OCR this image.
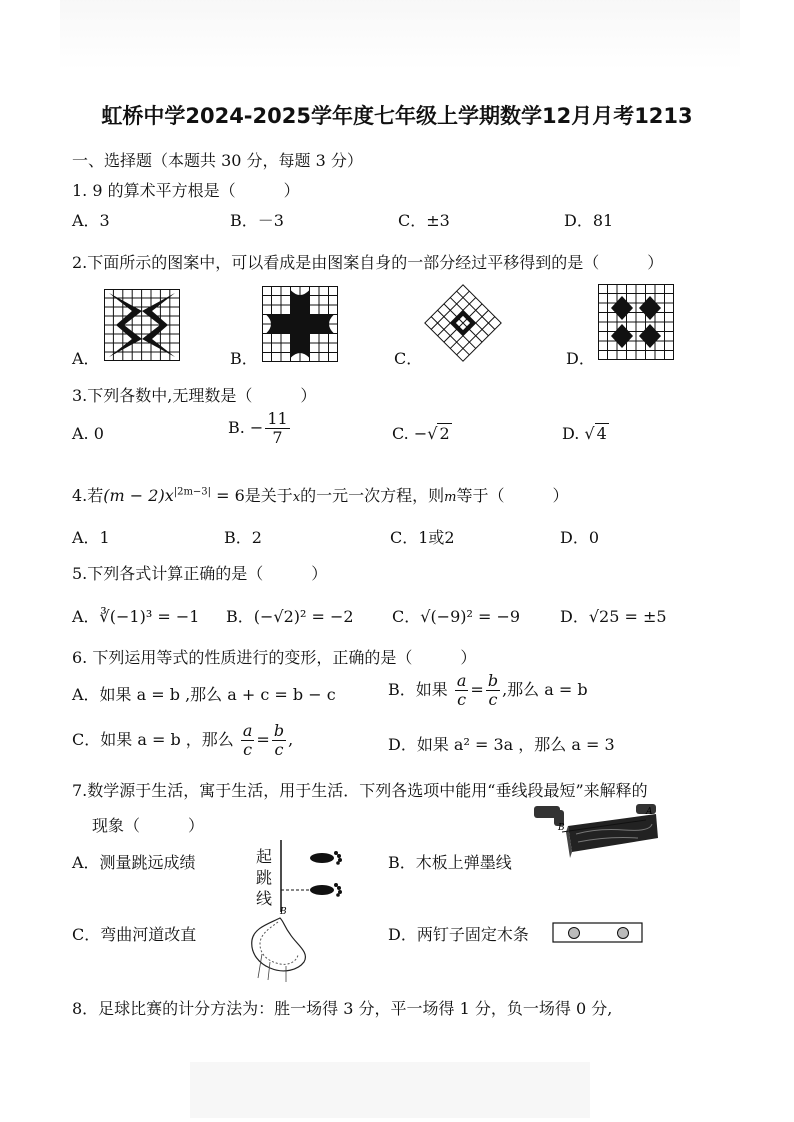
虹桥中学2024-2025学年度七年级上学期数学12月月考1213
一、选择题（本题共 30 分，每题 3 分）
1. 9 的算术平方根是（　　　）
A．3	B．－3	C．±3	D．81
2.下面所示的图案中，可以看成是由图案自身的一部分经过平移得到的是（　　　）
A．	B．	C．	D．
3.下列各数中,无理数是（　　　）
A. 0	B. − $\frac{11}{7}$	C. −√ 2	D. √ 4
4.若$(m - 2)x^{|2m-3|} = 6$是关于x的一元一次方程，则m等于（　　　）
A．1	B．2	C．1或2	D．0
5.下列各式计算正确的是（　　　）
A．∛(−1)³ = −1 B．(−√2)² = −2 C．√(−9)² = −9 D．√25 = ±5
6. 下列运用等式的性质进行的变形，正确的是（　　　）
A．如果 a = b ,那么 a + c = b − c	B．如果 $\frac{a}{c} = \frac{b}{c}$ ,那么 a = b
C．如果 a = b ，那么 $\frac{a}{c} = \frac{b}{c}$ ,	D．如果 a² = 3a ，那么 a = 3
7.数学源于生活，寓于生活，用于生活．下列各选项中能用“垂线段最短”来解释的
现象（　　　）
A．测量跳远成绩	B．木板上弹墨线
C．弯曲河道改直	D．两钉子固定木条
起
跳
线
B
A
B
8．足球比赛的计分方法为：胜一场得 3 分，平一场得 1 分，负一场得 0 分,
